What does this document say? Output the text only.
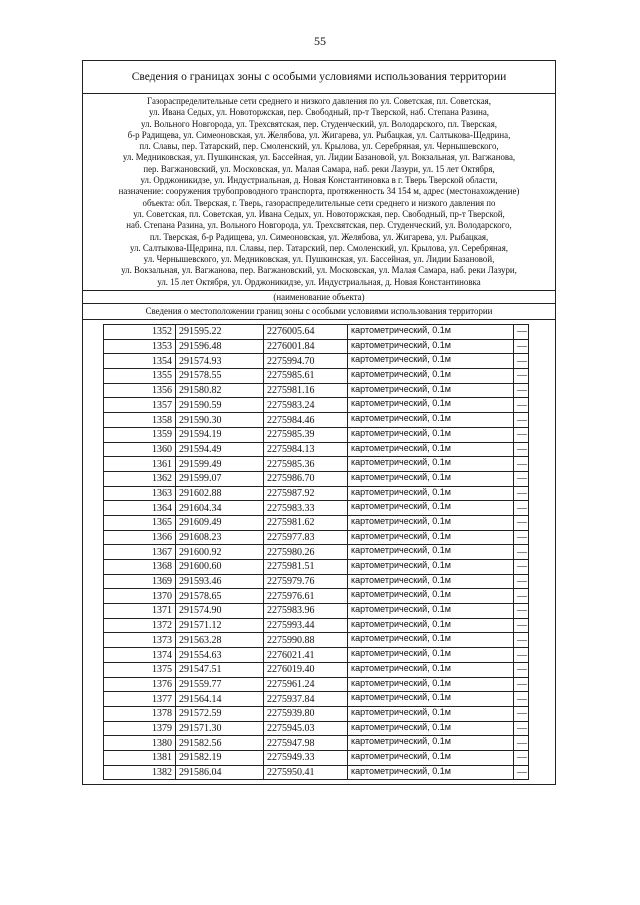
55
Сведения о границах зоны с особыми условиями использования территории
Газораспределительные сети среднего и низкого давления по ул. Советская, пл. Советская,
ул. Ивана Седых, ул. Новоторжская, пер. Свободный, пр-т Тверской, наб. Степана Разина,
ул. Вольного Новгорода, ул. Трехсвятская, пер. Студенческий, ул. Володарского, пл. Тверская,
б-р Радищева, ул. Симеоновская, ул. Желябова, ул. Жигарева, ул. Рыбацкая, ул. Салтыкова-Щедрина,
пл. Славы, пер. Татарский, пер. Смоленский, ул. Крылова, ул. Серебряная, ул. Чернышевского,
ул. Медниковская, ул. Пушкинская, ул. Бассейная, ул. Лидии Базановой, ул. Вокзальная, ул. Вагжанова,
пер. Вагжановский, ул. Московская, ул. Малая Самара, наб. реки Лазури, ул. 15 лет Октября,
ул. Орджоникидзе, ул. Индустриальная, д. Новая Константиновка в г. Тверь Тверской области,
назначение: сооружения трубопроводного транспорта, протяженность 34 154 м, адрес (местонахождение)
объекта: обл. Тверская, г. Тверь, газораспределительные сети среднего и низкого давления по
ул. Советская, пл. Советская, ул. Ивана Седых, ул. Новоторжская, пер. Свободный, пр-т Тверской,
наб. Степана Разина, ул. Вольного Новгорода, ул. Трехсвятская, пер. Студенческий, ул. Володарского,
пл. Тверская, б-р Радищева, ул. Симеоновская, ул. Желябова, ул. Жигарева, ул. Рыбацкая,
ул. Салтыкова-Щедрина, пл. Славы, пер. Татарский, пер. Смоленский, ул. Крылова, ул. Серебряная,
ул. Чернышевского, ул. Медниковская, ул. Пушкинская, ул. Бассейная, ул. Лидии Базановой,
ул. Вокзальная, ул. Вагжанова, пер. Вагжановский, ул. Московская, ул. Малая Самара, наб. реки Лазури,
ул. 15 лет Октября, ул. Орджоникидзе, ул. Индустриальная, д. Новая Константиновка
(наименование объекта)
Сведения о местоположении границ зоны с особыми условиями использования территории
1352	291595.22	2276005.64	картометрический, 0.1м	—
1353	291596.48	2276001.84	картометрический, 0.1м	—
1354	291574.93	2275994.70	картометрический, 0.1м	—
1355	291578.55	2275985.61	картометрический, 0.1м	—
1356	291580.82	2275981.16	картометрический, 0.1м	—
1357	291590.59	2275983.24	картометрический, 0.1м	—
1358	291590.30	2275984.46	картометрический, 0.1м	—
1359	291594.19	2275985.39	картометрический, 0.1м	—
1360	291594.49	2275984.13	картометрический, 0.1м	—
1361	291599.49	2275985.36	картометрический, 0.1м	—
1362	291599.07	2275986.70	картометрический, 0.1м	—
1363	291602.88	2275987.92	картометрический, 0.1м	—
1364	291604.34	2275983.33	картометрический, 0.1м	—
1365	291609.49	2275981.62	картометрический, 0.1м	—
1366	291608.23	2275977.83	картометрический, 0.1м	—
1367	291600.92	2275980.26	картометрический, 0.1м	—
1368	291600.60	2275981.51	картометрический, 0.1м	—
1369	291593.46	2275979.76	картометрический, 0.1м	—
1370	291578.65	2275976.61	картометрический, 0.1м	—
1371	291574.90	2275983.96	картометрический, 0.1м	—
1372	291571.12	2275993.44	картометрический, 0.1м	—
1373	291563.28	2275990.88	картометрический, 0.1м	—
1374	291554.63	2276021.41	картометрический, 0.1м	—
1375	291547.51	2276019.40	картометрический, 0.1м	—
1376	291559.77	2275961.24	картометрический, 0.1м	—
1377	291564.14	2275937.84	картометрический, 0.1м	—
1378	291572.59	2275939.80	картометрический, 0.1м	—
1379	291571.30	2275945.03	картометрический, 0.1м	—
1380	291582.56	2275947.98	картометрический, 0.1м	—
1381	291582.19	2275949.33	картометрический, 0.1м	—
1382	291586.04	2275950.41	картометрический, 0.1м	—
